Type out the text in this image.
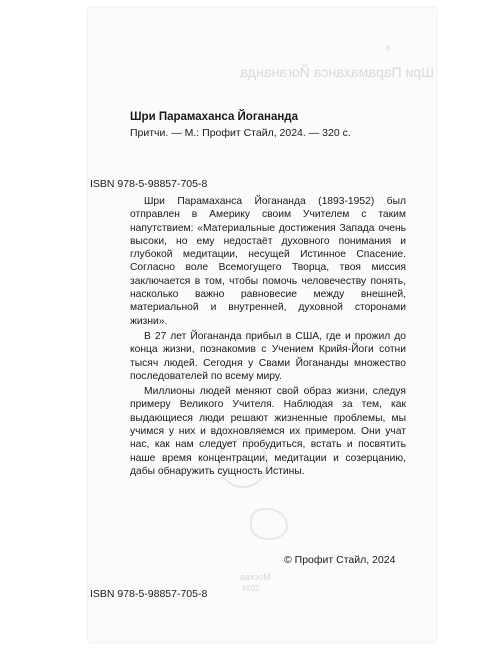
6
Шри Парамаханса Йогананда
Москва
2024
Шри Парамаханса Йогананда
Притчи. — М.: Профит Стайл, 2024. — 320 с.
ISBN 978-5-98857-705-8

Шри Парамаханса Йогананда (1893-1952) был отправлен в Америку своим Учителем с таким напутствием: «Материальные достижения Запада очень высоки, но ему недостаёт духовного понимания и глубокой медитации, несущей Истинное Спасение. Согласно воле Всемогущего Творца, твоя миссия заключается в том, чтобы помочь человечеству понять, насколько важно равновесие между внешней, материальной и внутренней, духовной сторонами жизни».

В 27 лет Йогананда прибыл в США, где и прожил до конца жизни, познакомив с Учением Крийя-Йоги сотни тысяч людей. Сегодня у Свами Йогананды множество последователей по всему миру.

Миллионы людей меняют свой образ жизни, следуя примеру Великого Учителя. Наблюдая за тем, как выдающиеся люди решают жизненные проблемы, мы учимся у них и вдохновляемся их примером. Они учат нас, как нам следует пробудиться, встать и посвятить наше время концентрации, медитации и созерцанию, дабы обнаружить сущность Истины.

© Профит Стайл, 2024
ISBN 978-5-98857-705-8
